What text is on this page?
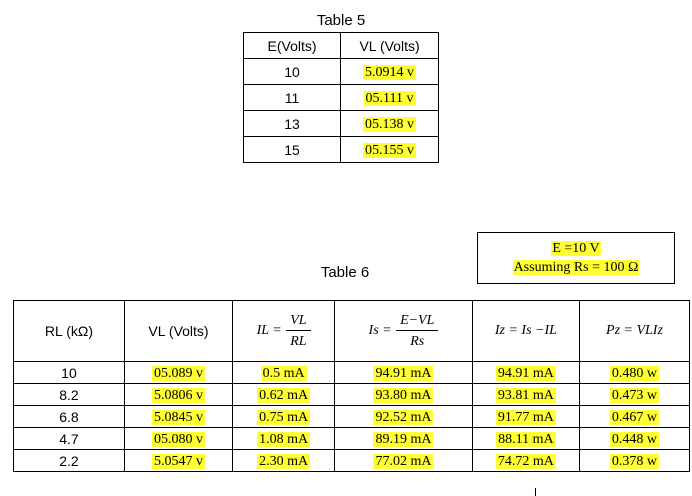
Table 5
E(Volts)	VL (Volts)
10	5.0914 v
11	05.111 v
13	05.138 v
15	05.155 v
E =10 V
Assuming Rs = 100 Ω
Table 6
RL (kΩ)	VL (Volts)	IL = $\frac{VL}{RL}$	$Is = \frac{E-VL}{Rs}$	Iz = Is −IL	Pz = VLIz
10	05.089 v	0.5 mA	94.91 mA	94.91 mA	0.480 w
8.2	5.0806 v	0.62 mA	93.80 mA	93.81 mA	0.473 w
6.8	5.0845 v	0.75 mA	92.52 mA	91.77 mA	0.467 w
4.7	05.080 v	1.08 mA	89.19 mA	88.11 mA	0.448 w
2.2	5.0547 v	2.30 mA	77.02 mA	74.72 mA	0.378 w
